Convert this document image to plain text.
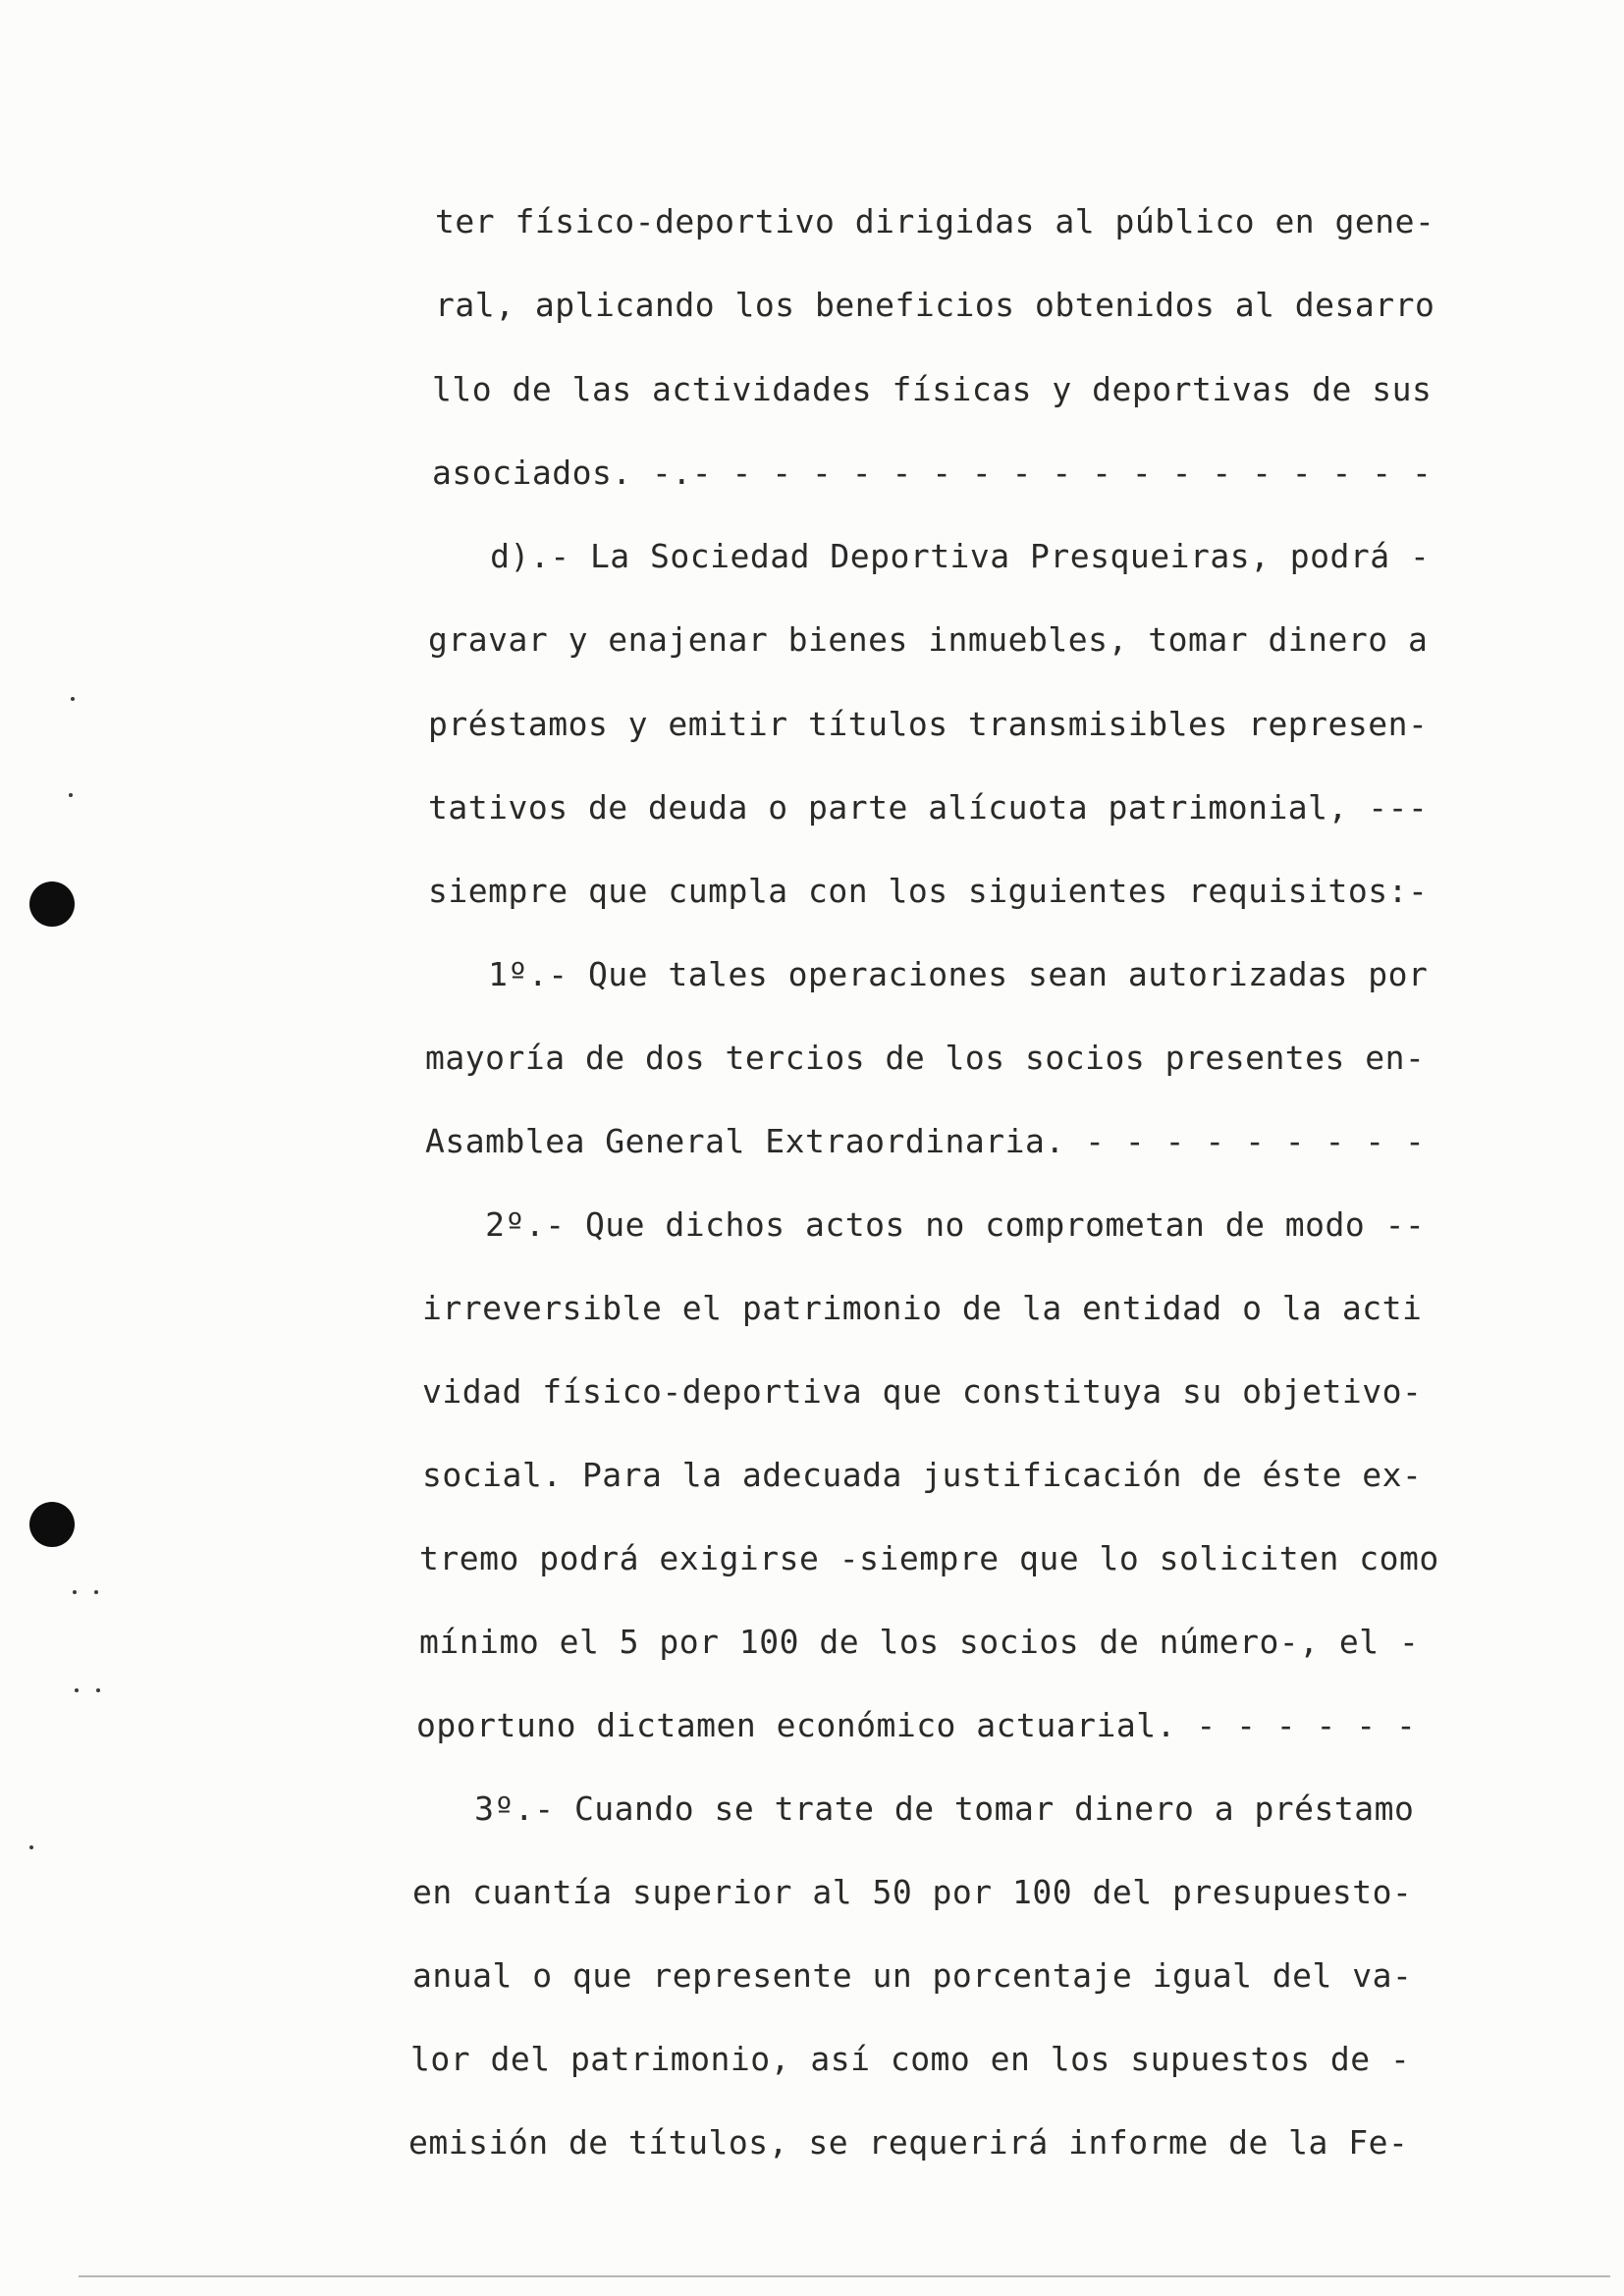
ter físico-deportivo dirigidas al público en gene-
ral, aplicando los beneficios obtenidos al desarro
llo de las actividades físicas y deportivas de sus
asociados. -.- - - - - - - - - - - - - - - - - - -
d).- La Sociedad Deportiva Presqueiras, podrá -
gravar y enajenar bienes inmuebles, tomar dinero a
préstamos y emitir títulos transmisibles represen-
tativos de deuda o parte alícuota patrimonial, ---
siempre que cumpla con los siguientes requisitos:-
1º.- Que tales operaciones sean autorizadas por
mayoría de dos tercios de los socios presentes en-
Asamblea General Extraordinaria. - - - - - - - - -
2º.- Que dichos actos no comprometan de modo --
irreversible el patrimonio de la entidad o la acti
vidad físico-deportiva que constituya su objetivo-
social. Para la adecuada justificación de éste ex-
tremo podrá exigirse -siempre que lo soliciten como
mínimo el 5 por 100 de los socios de número-, el -
oportuno dictamen económico actuarial. - - - - - -
3º.- Cuando se trate de tomar dinero a préstamo
en cuantía superior al 50 por 100 del presupuesto-
anual o que represente un porcentaje igual del va-
lor del patrimonio, así como en los supuestos de -
emisión de títulos, se requerirá informe de la Fe-
